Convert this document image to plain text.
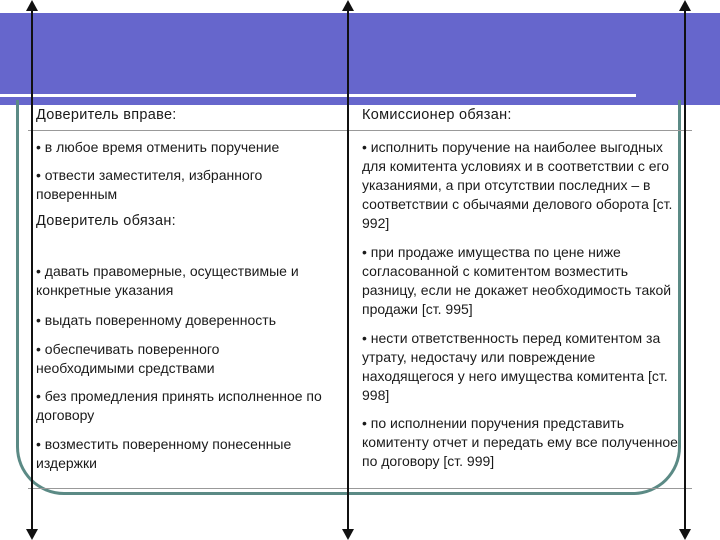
Доверитель вправе:

• в любое время отменить поручение

• отвести заместителя, избранного поверенным

Доверитель обязан:

• давать правомерные, осуществимые и конкретные указания

• выдать поверенному доверенность

• обеспечивать поверенного необходимыми средствами

• без промедления принять исполненное по договору

• возместить поверенному понесенные издержки

Комиссионер обязан:

• исполнить поручение на наиболее выгодных для комитента условиях и в соответствии с его указаниями, а при отсутствии последних – в соответствии с обычаями делового оборота [ст. 992]

• при продаже имущества по цене ниже согласованной с комитентом возместить разницу, если не докажет необходимость такой продажи [ст. 995]

• нести ответственность перед комитентом за утрату, недостачу или повреждение находящегося у него имущества комитента [ст. 998]

• по исполнении поручения представить комитенту отчет и передать ему все полученное по договору [ст. 999]
